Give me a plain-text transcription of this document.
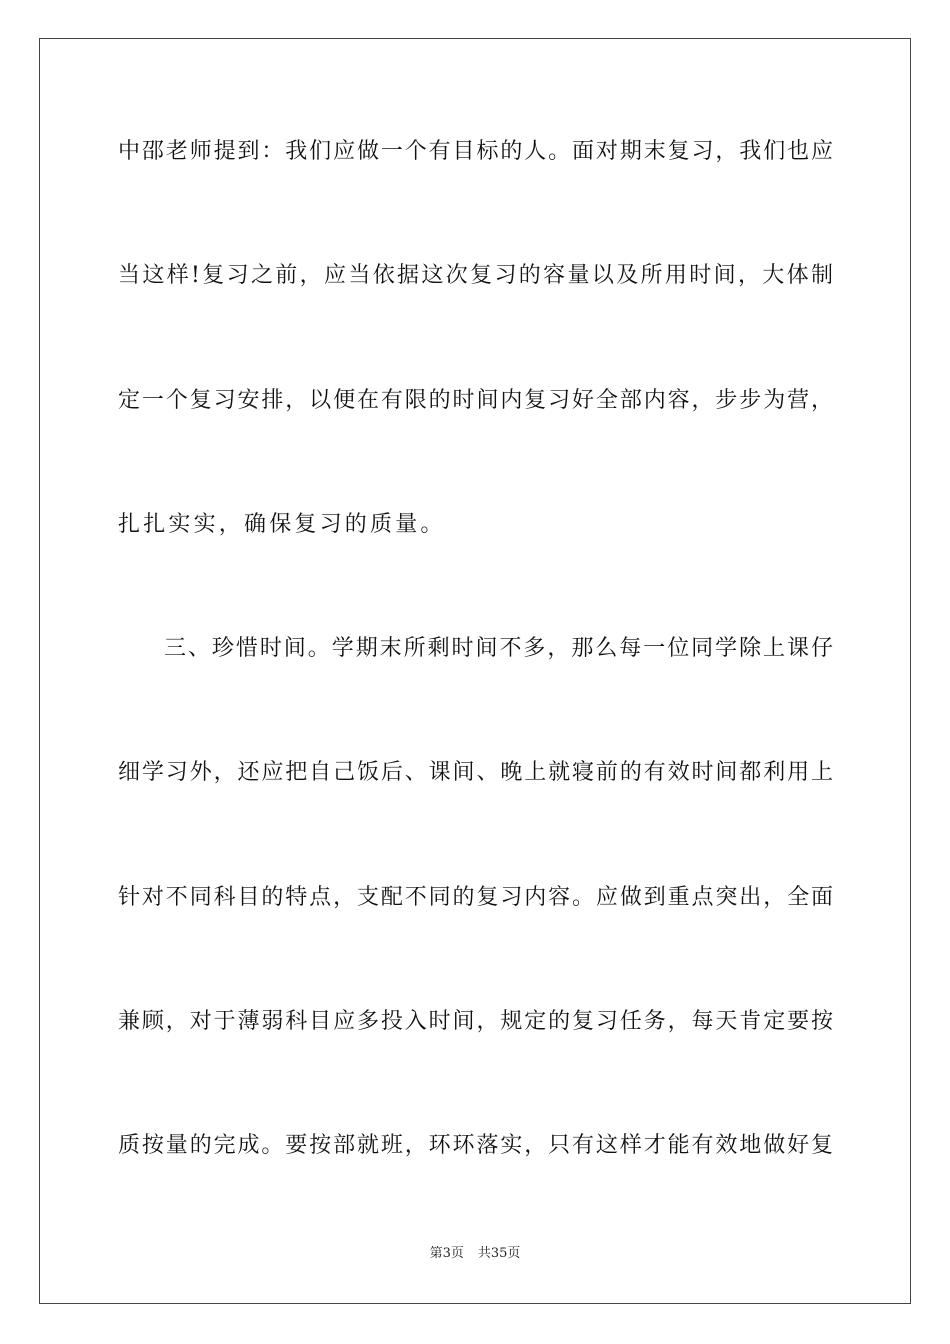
中邵老师提到：我们应做一个有目标的人。面对期末复习，我们也应
当这样!复习之前，应当依据这次复习的容量以及所用时间，大体制
定一个复习安排，以便在有限的时间内复习好全部内容，步步为营，
扎扎实实，确保复习的质量。
三、珍惜时间。学期末所剩时间不多，那么每一位同学除上课仔
细学习外，还应把自己饭后、课间、晚上就寝前的有效时间都利用上
针对不同科目的特点，支配不同的复习内容。应做到重点突出，全面
兼顾，对于薄弱科目应多投入时间，规定的复习任务，每天肯定要按
质按量的完成。要按部就班，环环落实，只有这样才能有效地做好复
第3页 共35页
